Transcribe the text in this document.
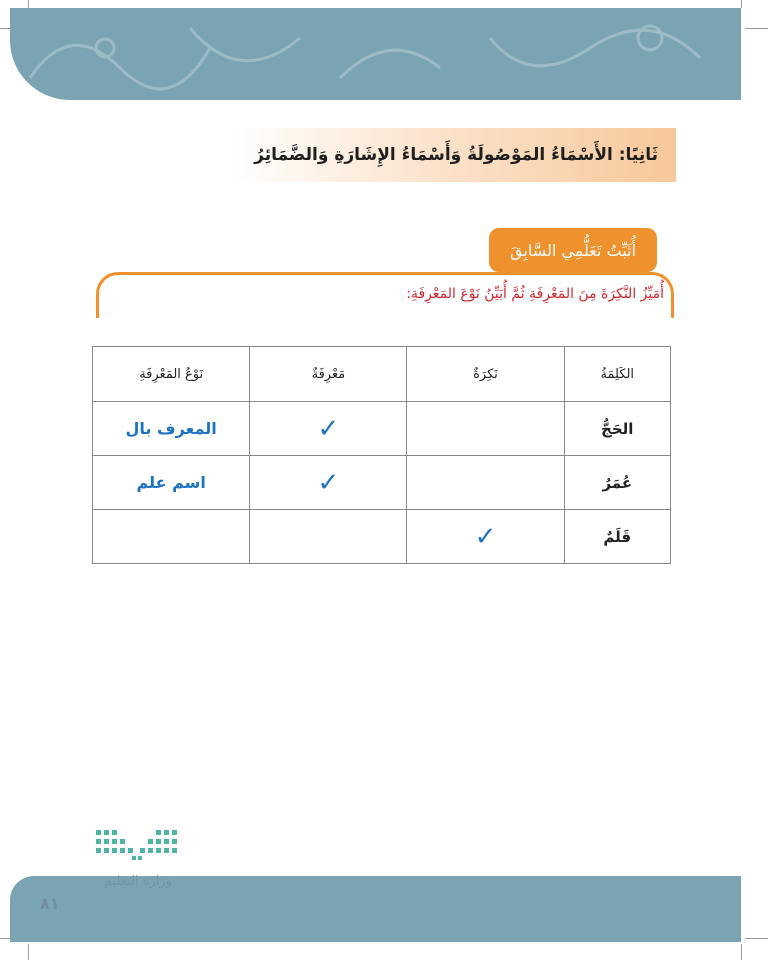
ثَانِيًا: الأَسْمَاءُ المَوْصُولَةُ وَأَسْمَاءُ الإِشَارَةِ وَالضَّمَائِرُ
أُثَبِّتُ تَعَلُّمِي السَّابِقَ
أُمَيِّزُ النَّكِرَةَ مِنَ المَعْرِفَةِ ثُمَّ أُبَيِّنُ نَوْعَ المَعْرِفَةِ:
الكَلِمَةُ	نَكِرَةٌ	مَعْرِفَةٌ	نَوْعُ المَعْرِفَةِ
الحَجُّ		✓	المعرف بال
عُمَرُ		✓	اسم علم
قَلَمٌ	✓		
وزارة التعليم
٨١
